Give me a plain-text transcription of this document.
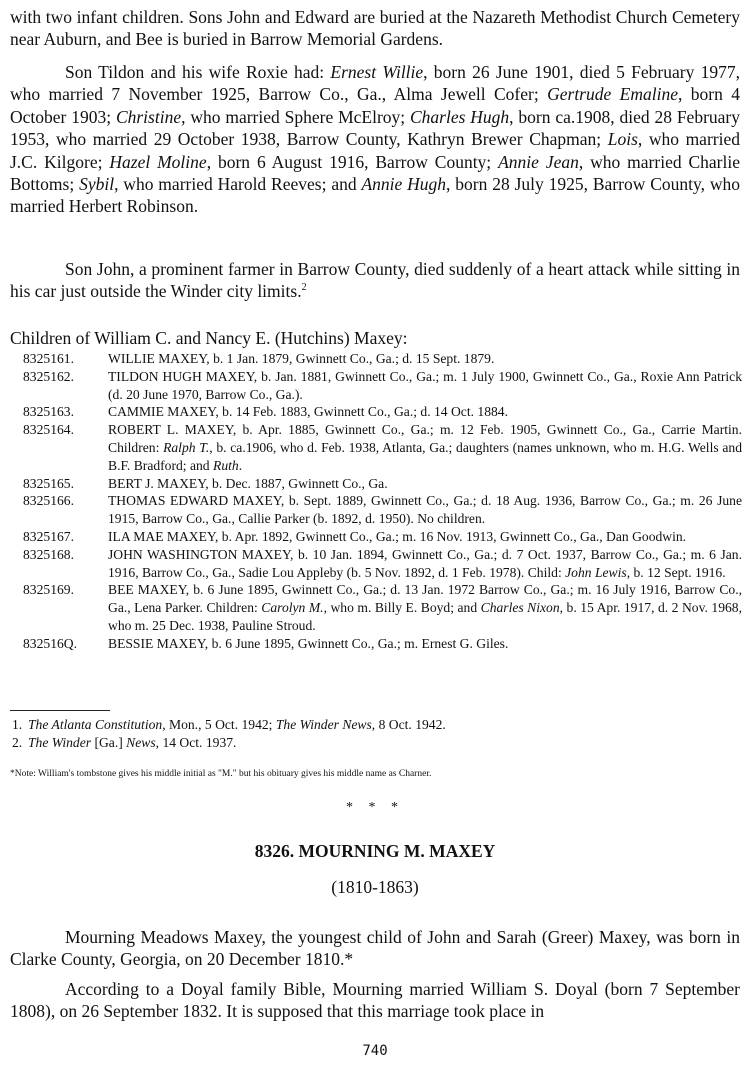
with two infant children. Sons John and Edward are buried at the Nazareth Methodist Church Cemetery near Auburn, and Bee is buried in Barrow Memorial Gardens.

Son Tildon and his wife Roxie had: Ernest Willie, born 26 June 1901, died 5 February 1977, who married 7 November 1925, Barrow Co., Ga., Alma Jewell Cofer; Gertrude Emaline, born 4 October 1903; Christine, who married Sphere McElroy; Charles Hugh, born ca.1908, died 28 February 1953, who married 29 October 1938, Barrow County, Kathryn Brewer Chapman; Lois, who married J.C. Kilgore; Hazel Moline, born 6 August 1916, Barrow County; Annie Jean, who married Charlie Bottoms; Sybil, who married Harold Reeves; and Annie Hugh, born 28 July 1925, Barrow County, who married Herbert Robinson.

Son John, a prominent farmer in Barrow County, died suddenly of a heart attack while sitting in his car just outside the Winder city limits.$^2$

Children of William C. and Nancy E. (Hutchins) Maxey:

8325161.	WILLIE MAXEY, b. 1 Jan. 1879, Gwinnett Co., Ga.; d. 15 Sept. 1879.
8325162.	TILDON HUGH MAXEY, b. Jan. 1881, Gwinnett Co., Ga.; m. 1 July 1900, Gwinnett Co., Ga., Roxie Ann Patrick (d. 20 June 1970, Barrow Co., Ga.).
8325163.	CAMMIE MAXEY, b. 14 Feb. 1883, Gwinnett Co., Ga.; d. 14 Oct. 1884.
8325164.	ROBERT L. MAXEY, b. Apr. 1885, Gwinnett Co., Ga.; m. 12 Feb. 1905, Gwinnett Co., Ga., Carrie Martin. Children: Ralph T., b. ca.1906, who d. Feb. 1938, Atlanta, Ga.; daughters (names unknown, who m. H.G. Wells and B.F. Bradford; and Ruth.
8325165.	BERT J. MAXEY, b. Dec. 1887, Gwinnett Co., Ga.
8325166.	THOMAS EDWARD MAXEY, b. Sept. 1889, Gwinnett Co., Ga.; d. 18 Aug. 1936, Barrow Co., Ga.; m. 26 June 1915, Barrow Co., Ga., Callie Parker (b. 1892, d. 1950). No children.
8325167.	ILA MAE MAXEY, b. Apr. 1892, Gwinnett Co., Ga.; m. 16 Nov. 1913, Gwinnett Co., Ga., Dan Goodwin.
8325168.	JOHN WASHINGTON MAXEY, b. 10 Jan. 1894, Gwinnett Co., Ga.; d. 7 Oct. 1937, Barrow Co., Ga.; m. 6 Jan. 1916, Barrow Co., Ga., Sadie Lou Appleby (b. 5 Nov. 1892, d. 1 Feb. 1978). Child: John Lewis, b. 12 Sept. 1916.
8325169.	BEE MAXEY, b. 6 June 1895, Gwinnett Co., Ga.; d. 13 Jan. 1972 Barrow Co., Ga.; m. 16 July 1916, Barrow Co., Ga., Lena Parker. Children: Carolyn M., who m. Billy E. Boyd; and Charles Nixon, b. 15 Apr. 1917, d. 2 Nov. 1968, who m. 25 Dec. 1938, Pauline Stroud.
832516Q.	BESSIE MAXEY, b. 6 June 1895, Gwinnett Co., Ga.; m. Ernest G. Giles.
1. The Atlanta Constitution, Mon., 5 Oct. 1942; The Winder News, 8 Oct. 1942.
2. The Winder [Ga.] News, 14 Oct. 1937.

*Note: William's tombstone gives his middle initial as "M." but his obituary gives his middle name as Charner.

* * *

8326. MOURNING M. MAXEY

(1810-1863)

Mourning Meadows Maxey, the youngest child of John and Sarah (Greer) Maxey, was born in Clarke County, Georgia, on 20 December 1810.*

According to a Doyal family Bible, Mourning married William S. Doyal (born 7 September 1808), on 26 September 1832. It is supposed that this marriage took place in

740
